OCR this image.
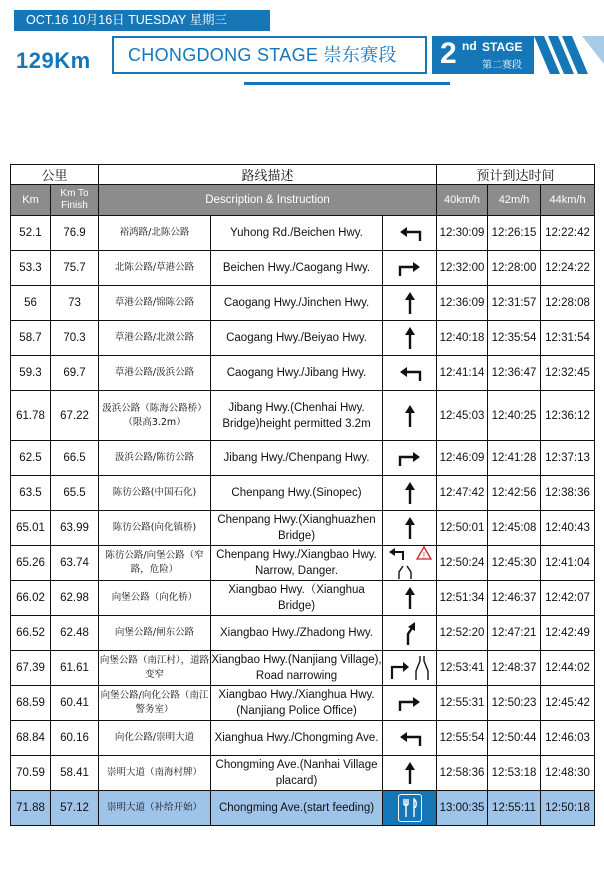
OCT.16 10月16日 TUESDAY 星期三
129Km	CHONGDONG STAGE 崇东赛段	2 nd STAGE
第二赛段
公里		路线描述			预计到达时间		
Km	Km To Finish	Description & Instruction			40km/h	42m/h	44km/h
52.1	76.9	裕鸿路/北陈公路	Yuhong Rd./Beichen Hwy.		12:30:09	12:26:15	12:22:42
53.3	75.7	北陈公路/草港公路	Beichen Hwy./Caogang Hwy.		12:32:00	12:28:00	12:24:22
56	73	草港公路/锦陈公路	Caogang Hwy./Jinchen Hwy.		12:36:09	12:31:57	12:28:08
58.7	70.3	草港公路/北滧公路	Caogang Hwy./Beiyao Hwy.		12:40:18	12:35:54	12:31:54
59.3	69.7	草港公路/汲浜公路	Caogang Hwy./Jibang Hwy.		12:41:14	12:36:47	12:32:45
61.78	67.22	汲浜公路（陈海公路桥）（限高3.2m）	Jibang Hwy.(Chenhai Hwy. Bridge)height permitted 3.2m		12:45:03	12:40:25	12:36:12
62.5	66.5	汲浜公路/陈彷公路	Jibang Hwy./Chenpang Hwy.		12:46:09	12:41:28	12:37:13
63.5	65.5	陈彷公路(中国石化)	Chenpang Hwy.(Sinopec)		12:47:42	12:42:56	12:38:36
65.01	63.99	陈彷公路(向化镇桥)	Chenpang Hwy.(Xianghuazhen Bridge)		12:50:01	12:45:08	12:40:43
65.26	63.74	陈彷公路/向堡公路（窄路，危险）	Chenpang Hwy./Xiangbao Hwy. Narrow, Danger.	!	12:50:24	12:45:30	12:41:04
66.02	62.98	向堡公路（向化桥）	Xiangbao Hwy.（Xianghua Bridge)		12:51:34	12:46:37	12:42:07
66.52	62.48	向堡公路/闸东公路	Xiangbao Hwy./Zhadong Hwy.		12:52:20	12:47:21	12:42:49
67.39	61.61	向堡公路（南江村），道路变窄	Xiangbao Hwy.(Nanjiang Village), Road narrowing		12:53:41	12:48:37	12:44:02
68.59	60.41	向堡公路/向化公路（南江警务室）	Xiangbao Hwy./Xianghua Hwy. (Nanjiang Police Office)		12:55:31	12:50:23	12:45:42
68.84	60.16	向化公路/崇明大道	Xianghua Hwy./Chongming Ave.		12:55:54	12:50:44	12:46:03
70.59	58.41	崇明大道（南海村牌）	Chongming Ave.(Nanhai Village placard)		12:58:36	12:53:18	12:48:30
71.88	57.12	崇明大道（补给开始）	Chongming Ave.(start feeding)		13:00:35	12:55:11	12:50:18
